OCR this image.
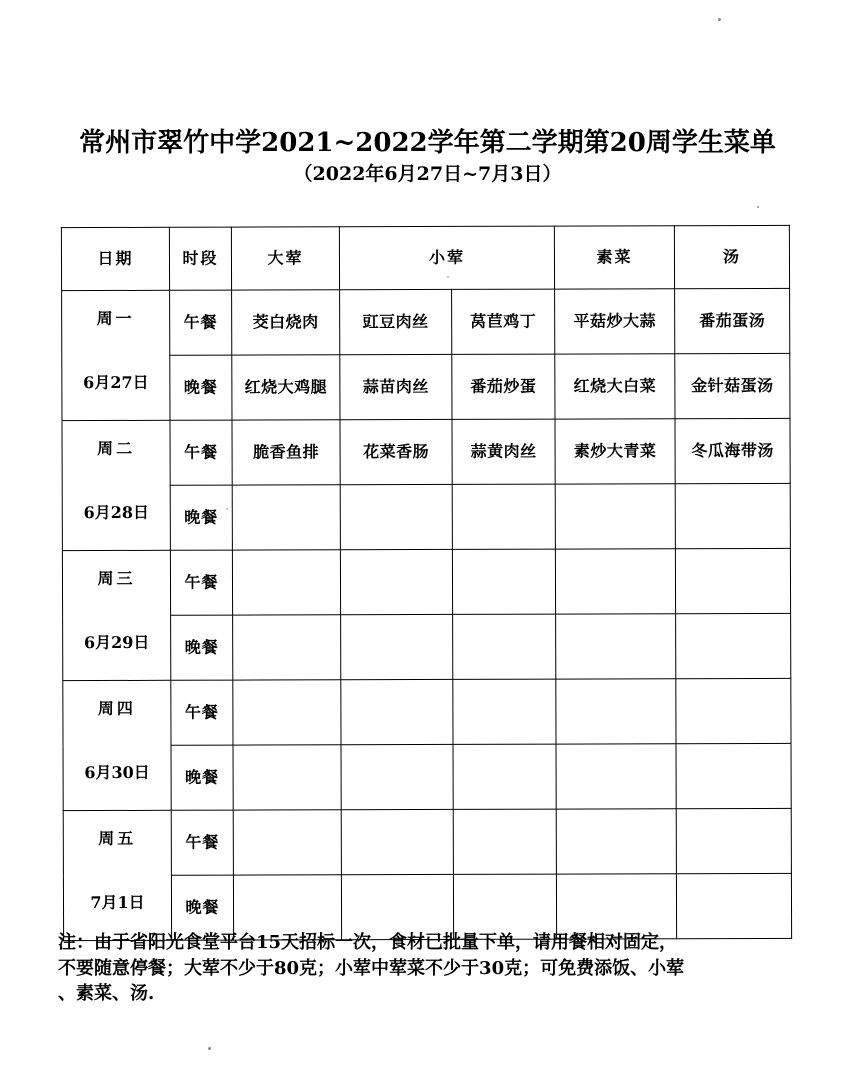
常州市翠竹中学2021~2022学年第二学期第20周学生菜单
（2022年6月27日~7月3日）
日期	时段	大荤	小荤		素菜	汤

周一
6月27日	午餐	茭白烧肉	豇豆肉丝	莴苣鸡丁	平菇炒大蒜	番茄蛋汤
	晚餐	红烧大鸡腿	蒜苗肉丝	番茄炒蛋	红烧大白菜	金针菇蛋汤

周二
6月28日	午餐	脆香鱼排	花菜香肠	蒜黄肉丝	素炒大青菜	冬瓜海带汤
	晚餐					

周三
6月29日	午餐					
	晚餐					

周四
6月30日	午餐					
	晚餐					

周五
7月1日	午餐					
	晚餐					

注：由于省阳光食堂平台15天招标一次，食材已批量下单，请用餐相对固定，

不要随意停餐；大荤不少于80克；小荤中荤菜不少于30克；可免费添饭、小荤

、素菜、汤.
